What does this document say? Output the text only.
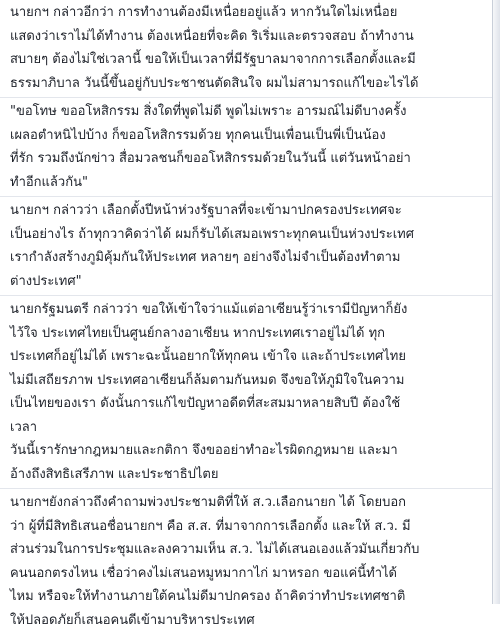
นายกฯ กล่าวอีกว่า การทำงานต้องมีเหนื่อยอยู่แล้ว หากวันใดไม่เหนื่อย
แสดงว่าเราไม่ได้ทำงาน ต้องเหนื่อยที่จะคิด ริเริ่มและตรวจสอบ ถ้าทำงาน
สบายๆ ต้องไม่ใช่เวลานี้ ขอให้เป็นเวลาที่มีรัฐบาลมาจากการเลือกตั้งและมี
ธรรมาภิบาล วันนี้ขึ้นอยู่กับประชาชนตัดสินใจ ผมไม่สามารถแก้ไขอะไรได้

"ขอโทษ ขออโหสิกรรม สิ่งใดที่พูดไม่ดี พูดไม่เพราะ อารมณ์ไม่ดีบางครั้ง
เผลอตำหนิไปบ้าง ก็ขออโหสิกรรมด้วย ทุกคนเป็นเพื่อนเป็นพี่เป็นน้อง
ที่รัก รวมถึงนักข่าว สื่อมวลชนก็ขออโหสิกรรมด้วยในวันนี้ แต่วันหน้าอย่า
ทำอีกแล้วกัน"

นายกฯ กล่าวว่า เลือกตั้งปีหน้าห่วงรัฐบาลที่จะเข้ามาปกครองประเทศจะ
เป็นอย่างไร ถ้าทุกวาคิดว่าได้ ผมก็รับได้เสมอเพราะทุกคนเป็นห่วงประเทศ
เรากำลังสร้างภูมิคุ้มกันให้ประเทศ หลายๆ อย่างจึงไม่จำเป็นต้องทำตาม
ต่างประเทศ"

นายกรัฐมนตรี กล่าวว่า ขอให้เข้าใจว่าแม้แต่อาเซียนรู้ว่าเรามีปัญหาก็ยัง
ไว้ใจ ประเทศไทยเป็นศูนย์กลางอาเซียน หากประเทศเราอยู่ไม่ได้ ทุก
ประเทศก็อยู่ไม่ได้ เพราะฉะนั้นอยากให้ทุกคน เข้าใจ และถ้าประเทศไทย
ไม่มีเสถียรภาพ ประเทศอาเซียนก็ล้มตามกันหมด จึงขอให้ภูมิใจในความ
เป็นไทยของเรา ดังนั้นการแก้ไขปัญหาอดีตที่สะสมมาหลายสิบปี ต้องใช้
เวลา
วันนี้เรารักษากฎหมายและกติกา จึงขออย่าทำอะไรผิดกฎหมาย และมา
อ้างถึงสิทธิเสรีภาพ และประชาธิปไตย

นายกฯยังกล่าวถึงคำถามพ่วงประชามติที่ให้ ส.ว.เลือกนายก ได้ โดยบอก
ว่า ผู้ที่มีสิทธิเสนอชื่อนายกฯ คือ ส.ส. ที่มาจากการเลือกตั้ง และให้ ส.ว. มี
ส่วนร่วมในการประชุมและลงความเห็น ส.ว. ไม่ได้เสนอเองแล้วมันเกี่ยวกับ
คนนอกตรงไหน เชื่อว่าคงไม่เสนอหมูหมากาไก่ มาหรอก ขอแค่นี้ทำได้
ไหม หรือจะให้ทำงานภายใต้คนไม่ดีมาปกครอง ถ้าคิดว่าทำประเทศชาติ
ให้ปลอดภัยก็เสนอคนดีเข้ามาบริหารประเทศ
